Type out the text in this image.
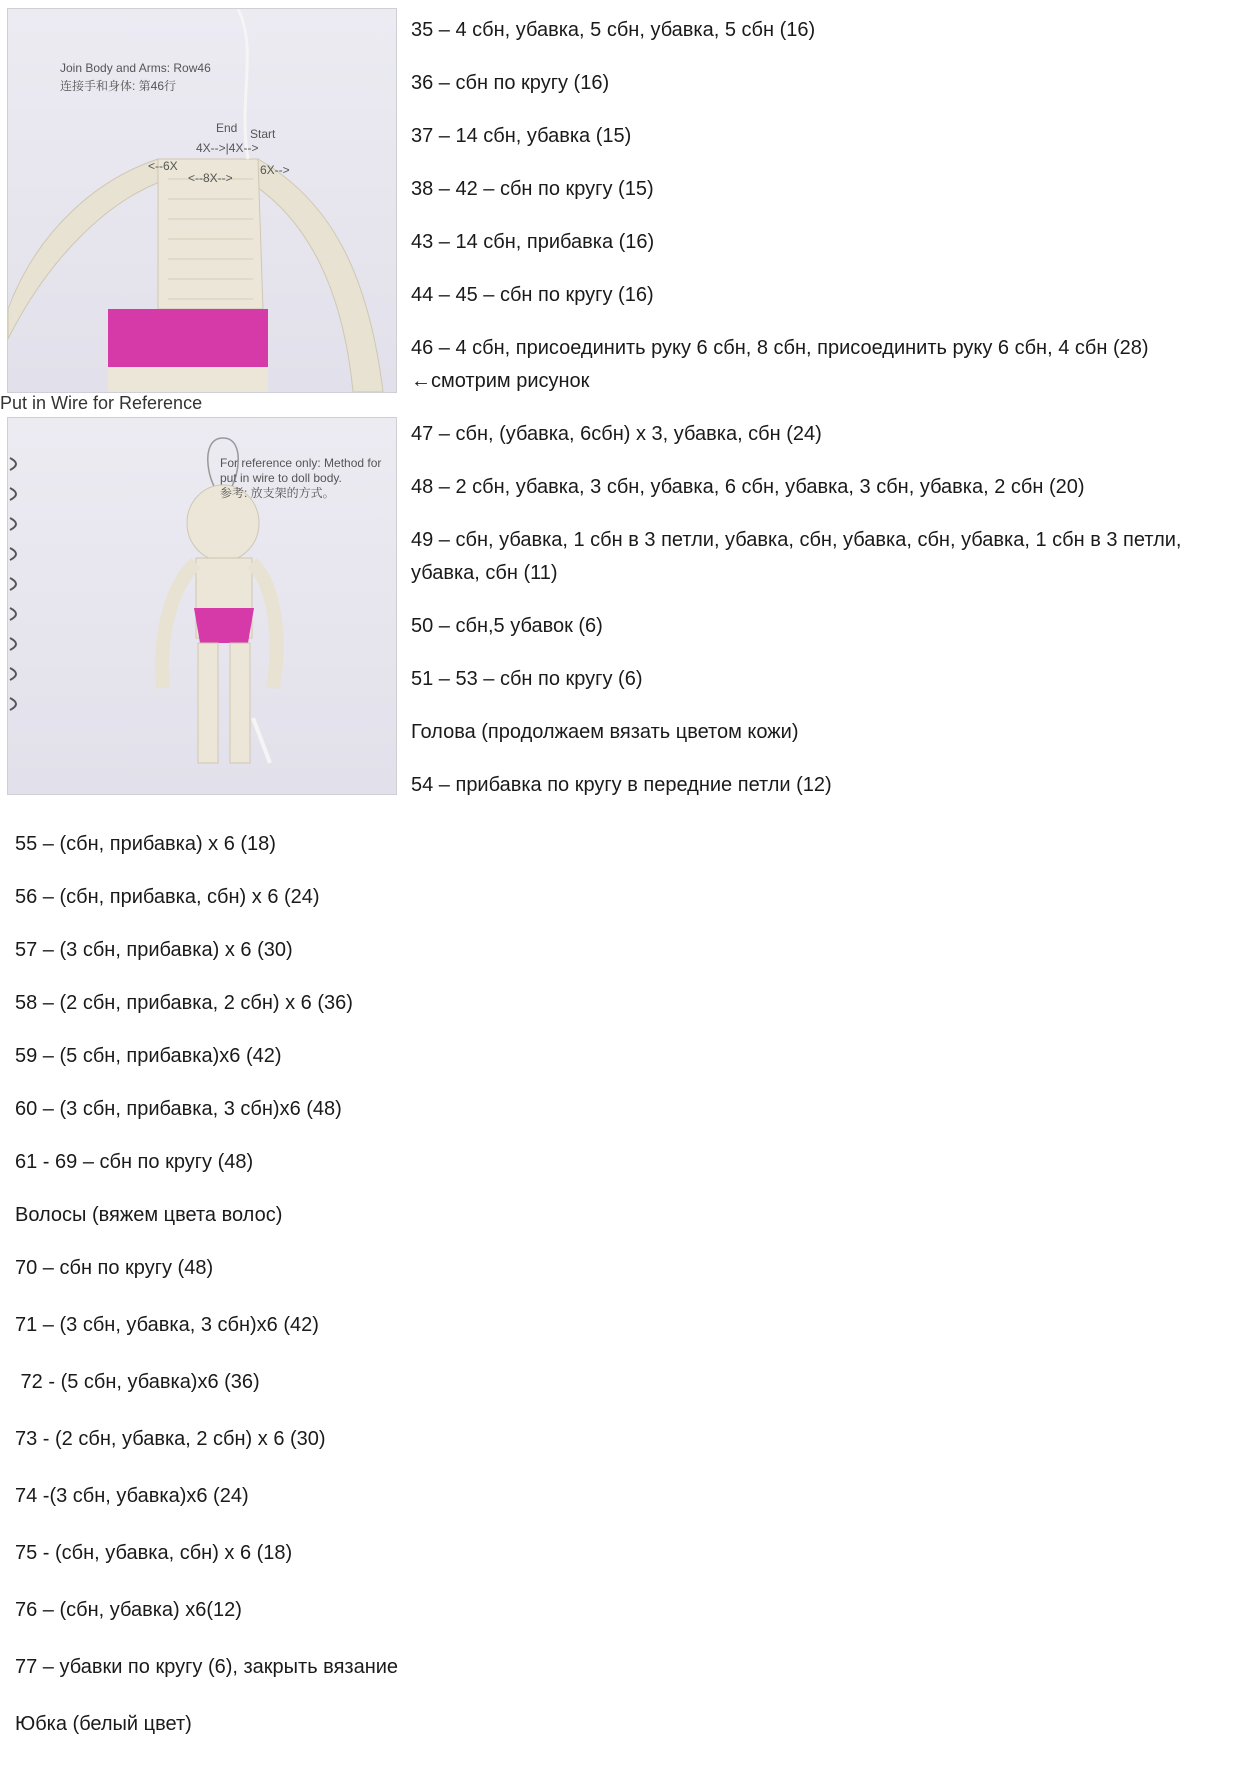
Join Body and Arms: Row46
连接手和身体: 第46行
End Start
4X-->|4X-->
<--6X
<--8X-->
6X-->
Put in Wire for Reference
For reference only: Method for
put in wire to doll body.
参考: 放支架的方式。
35 – 4 сбн, убавка, 5 сбн, убавка, 5 сбн (16)
36 – сбн по кругу (16)
37 – 14 сбн, убавка (15)
38 – 42 – сбн по кругу (15)
43 – 14 сбн, прибавка (16)
44 – 45 – сбн по кругу (16)
46 – 4 сбн, присоединить руку 6 сбн, 8 сбн, присоединить руку 6 сбн, 4 сбн (28) ←смотрим рисунок
47 – сбн, (убавка, 6сбн) х 3, убавка, сбн (24)
48 – 2 сбн, убавка, 3 сбн, убавка, 6 сбн, убавка, 3 сбн, убавка, 2 сбн (20)
49 – сбн, убавка, 1 сбн в 3 петли, убавка, сбн, убавка, сбн, убавка, 1 сбн в 3 петли, убавка, сбн (11)
50 – сбн,5 убавок (6)
51 – 53 – сбн по кругу (6)
Голова (продолжаем вязать цветом кожи)
54 – прибавка по кругу в передние петли (12)
55 – (сбн, прибавка) х 6 (18)
56 – (сбн, прибавка, сбн) х 6 (24)
57 – (3 сбн, прибавка) х 6 (30)
58 – (2 сбн, прибавка, 2 сбн) х 6 (36)
59 – (5 сбн, прибавка)х6 (42)
60 – (3 сбн, прибавка, 3 сбн)х6 (48)
61 - 69 – сбн по кругу (48)
Волосы (вяжем цвета волос)
70 – сбн по кругу (48)
71 – (3 сбн, убавка, 3 сбн)х6 (42)
72 - (5 сбн, убавка)х6 (36)
73 - (2 сбн, убавка, 2 сбн) х 6 (30)
74 -(3 сбн, убавка)х6 (24)
75 - (сбн, убавка, сбн) х 6 (18)
76 – (сбн, убавка) х6(12)
77 – убавки по кругу (6), закрыть вязание
Юбка (белый цвет)
